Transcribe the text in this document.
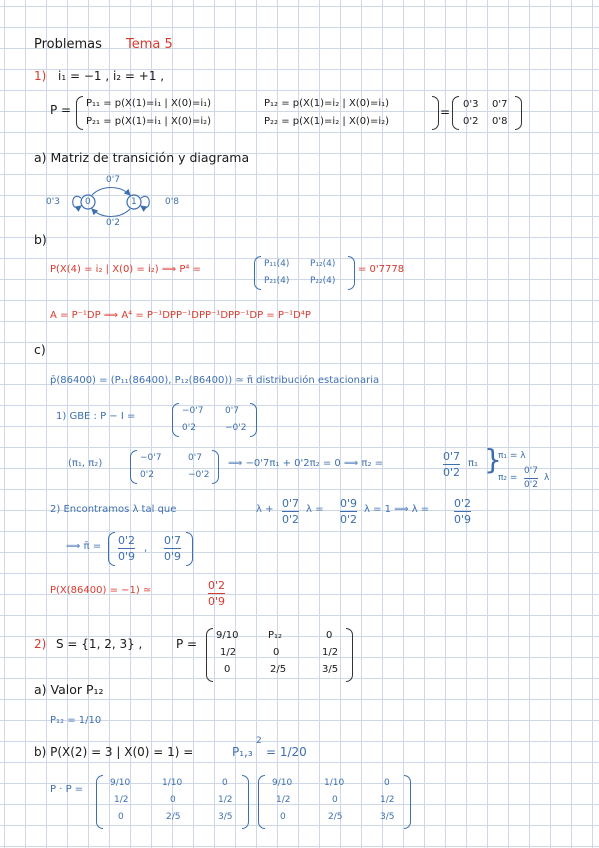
Problemas Tema 5
1) i₁ = −1 , i₂ = +1 ,
P = P₁₁ = p(X(1)=i₁ | X(0)=i₁)	P₁₂ = p(X(1)=i₂ | X(0)=i₁)
P₂₁ = p(X(1)=i₁ | X(0)=i₂)	P₂₂ = p(X(1)=i₂ | X(0)=i₂)
=
0'3 0'7
0'2 0'8
a) Matriz de transición y diagrama
0'3	0	1	0'8
0'7
0'2
b)
P(X(4) = i₂ | X(0) = i₂) ⟹ P⁴ =	P₁₁(4) P₁₂(4)
P₂₁(4) P₂₂(4)
= 0'7778
A = P⁻¹DP ⟹ A⁴ = P⁻¹DPP⁻¹DPP⁻¹DPP⁻¹DP = P⁻¹D⁴P
c)
p̄(86400) = (P₁₁(86400), P₁₂(86400)) ≃ π̄ distribución estacionaria
1) GBE : P − I =	−0'7 0'7
0'2	−0'2
(π₁, π₂)	−0'7	0'7
0'2	−0'2
⟹ −0'7π₁ + 0'2π₂ = 0 ⟹ π₂ =
0'7
0'2
π₁ }
π₁ = λ
π₂ =
0'7
0'2
λ
2) Encontramos λ tal que	λ + 0'7
0'2
λ = 0'9
0'2
λ = 1 ⟹ λ = 0'2
0'9
⟹ π̄ = 0'2
0'9
,
0'7
0'9
P(X(86400) = −1) ≃	0'2
0'9
2) S = {1, 2, 3} ,	P =
9/10	P₁₂	0
1/2	0	1/2
0	2/5	3/5
a) Valor P₁₂
P₁₂ = 1/10
b) P(X(2) = 3 | X(0) = 1) =	P₁,₃
2
= 1/20
P · P =
9/10	1/10	0
1/2	0	1/2
0	2/5	3/5
9/10	1/10	0
1/2	0	1/2
0	2/5	3/5
